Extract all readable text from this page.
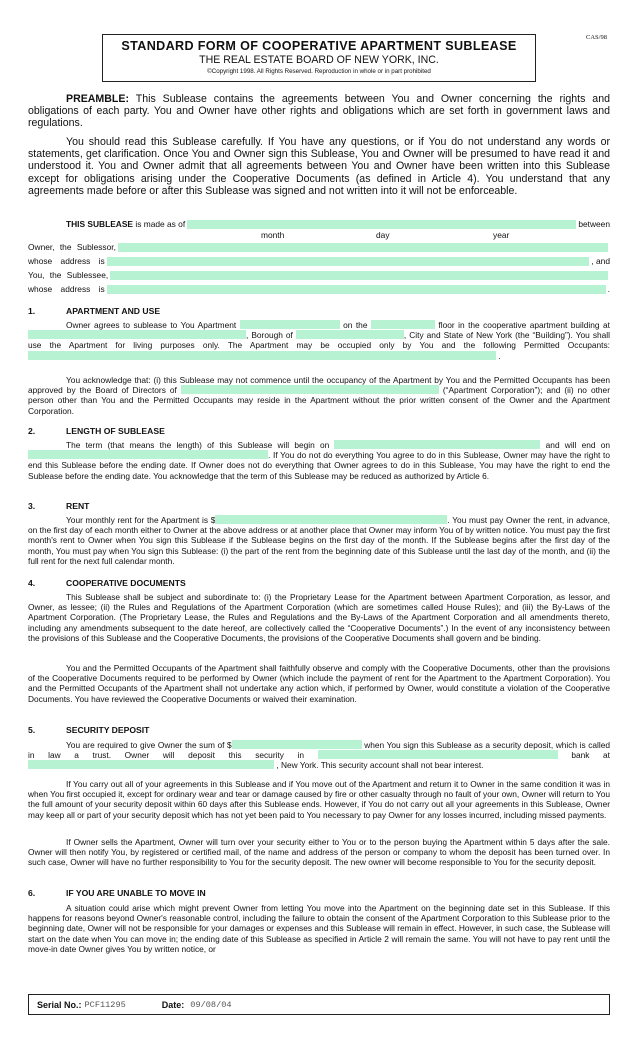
STANDARD FORM OF COOPERATIVE APARTMENT SUBLEASE
THE REAL ESTATE BOARD OF NEW YORK, INC.
©Copyright 1998. All Rights Reserved. Reproduction in whole or in part prohibited
CAS/98
PREAMBLE: This Sublease contains the agreements between You and Owner concerning the rights and obligations of each party. You and Owner have other rights and obligations which are set forth in government laws and regulations.
You should read this Sublease carefully. If You have any questions, or if You do not understand any words or statements, get clarification. Once You and Owner sign this Sublease, You and Owner will be presumed to have read it and understood it. You and Owner admit that all agreements between You and Owner have been written into this Sublease except for obligations arising under the Cooperative Documents (as defined in Article 4). You understand that any agreements made before or after this Sublease was signed and not written into it will not be enforceable.
THIS SUBLEASE is made as of	between
month	day	year
Owner, the Sublessor,
whose address is	, and
You, the Sublessee,
whose address is	.
1.	APARTMENT AND USE
Owner agrees to sublease to You Apartment	on the	floor in the cooperative apartment building at , Borough of	, City and State of New York (the “Building”). You shall use the Apartment for living purposes only. The Apartment may be occupied only by You and the following Permitted Occupants:  .
You acknowledge that: (i) this Sublease may not commence until the occupancy of the Apartment by You and the Permitted Occupants has been approved by the Board of Directors of	(“Apartment Corporation”); and (ii) no other person other than You and the Permitted Occupants may reside in the Apartment without the prior written consent of the Owner and the Apartment Corporation.
2.	LENGTH OF SUBLEASE
The term (that means the length) of this Sublease will begin on	and will end on . If You do not do everything You agree to do in this Sublease, Owner may have the right to end this Sublease before the ending date. If Owner does not do everything that Owner agrees to do in this Sublease, You may have the right to end the Sublease before the ending date. You acknowledge that the term of this Sublease may be reduced as authorized by Article 6.
3.	RENT
Your monthly rent for the Apartment is $	. You must pay Owner the rent, in advance, on the first day of each month either to Owner at the above address or at another place that Owner may inform You of by written notice. You must pay the first month's rent to Owner when You sign this Sublease if the Sublease begins on the first day of the month. If the Sublease begins after the first day of the month, You must pay when You sign this Sublease: (i) the part of the rent from the beginning date of this Sublease until the last day of the month, and (ii) the full rent for the next full calendar month.
4.	COOPERATIVE DOCUMENTS
This Sublease shall be subject and subordinate to: (i) the Proprietary Lease for the Apartment between Apartment Corporation, as lessor, and Owner, as lessee; (ii) the Rules and Regulations of the Apartment Corporation (which are sometimes called House Rules); and (iii) the By-Laws of the Apartment Corporation. (The Proprietary Lease, the Rules and Regulations and the By-Laws of the Apartment Corporation and all amendments thereto, including any amendments subsequent to the date hereof, are collectively called the “Cooperative Documents”.) In the event of any inconsistency between the provisions of this Sublease and the Cooperative Documents, the provisions of the Cooperative Documents shall govern and be binding.
You and the Permitted Occupants of the Apartment shall faithfully observe and comply with the Cooperative Documents, other than the provisions of the Cooperative Documents required to be performed by Owner (which include the payment of rent for the Apartment to the Apartment Corporation). You and the Permitted Occupants of the Apartment shall not undertake any action which, if performed by Owner, would constitute a violation of the Cooperative Documents. You have reviewed the Cooperative Documents or waived their examination.
5.	SECURITY DEPOSIT
You are required to give Owner the sum of $	when You sign this Sublease as a security deposit, which is called in law a trust. Owner will deposit this security in	bank at  , New York. This security account shall not bear interest.
If You carry out all of your agreements in this Sublease and if You move out of the Apartment and return it to Owner in the same condition it was in when You first occupied it, except for ordinary wear and tear or damage caused by fire or other casualty through no fault of your own, Owner will return to You the full amount of your security deposit within 60 days after this Sublease ends. However, if You do not carry out all your agreements in this Sublease, Owner may keep all or part of your security deposit which has not yet been paid to You necessary to pay Owner for any losses incurred, including missed payments.
If Owner sells the Apartment, Owner will turn over your security either to You or to the person buying the Apartment within 5 days after the sale. Owner will then notify You, by registered or certified mail, of the name and address of the person or company to whom the deposit has been turned over. In such case, Owner will have no further responsibility to You for the security deposit. The new owner will become responsible to You for the security deposit.
6.	IF YOU ARE UNABLE TO MOVE IN
A situation could arise which might prevent Owner from letting You move into the Apartment on the beginning date set in this Sublease. If this happens for reasons beyond Owner's reasonable control, including the failure to obtain the consent of the Apartment Corporation to this Sublease prior to the beginning date, Owner will not be responsible for your damages or expenses and this Sublease will remain in effect. However, in such case, the Sublease will start on the date when You can move in; the ending date of this Sublease as specified in Article 2 will remain the same. You will not have to pay rent until the move-in date Owner gives You by written notice, or
Serial No.: PCF11295	Date: 09/08/04
